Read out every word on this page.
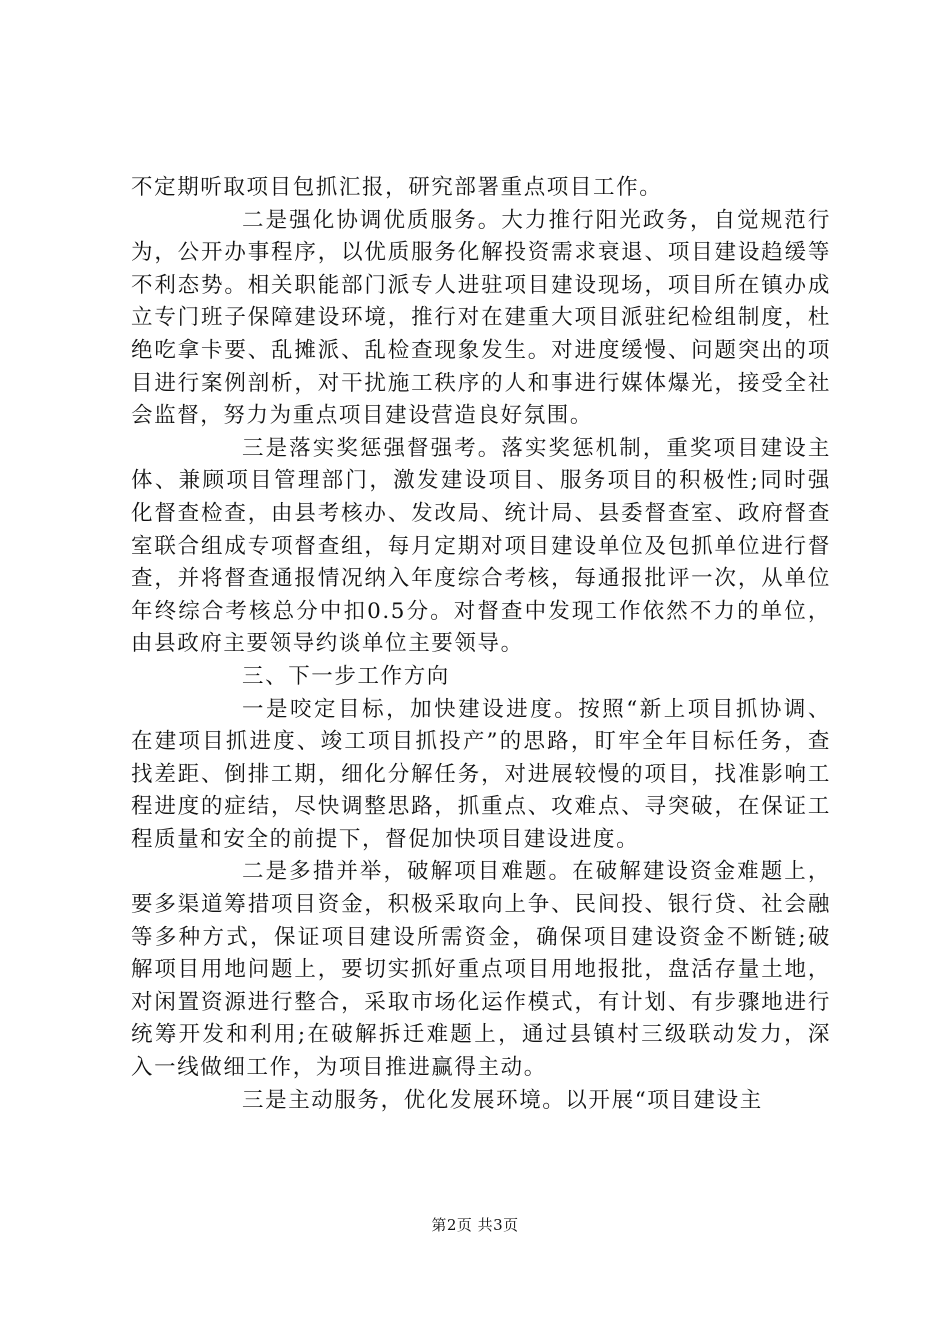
不定期听取项目包抓汇报，研究部署重点项目工作。

二是强化协调优质服务。大力推行阳光政务，自觉规范行为，公开办事程序，以优质服务化解投资需求衰退、项目建设趋缓等不利态势。相关职能部门派专人进驻项目建设现场，项目所在镇办成立专门班子保障建设环境，推行对在建重大项目派驻纪检组制度，杜绝吃拿卡要、乱摊派、乱检查现象发生。对进度缓慢、问题突出的项目进行案例剖析，对干扰施工秩序的人和事进行媒体爆光，接受全社会监督，努力为重点项目建设营造良好氛围。

三是落实奖惩强督强考。落实奖惩机制，重奖项目建设主体、兼顾项目管理部门，激发建设项目、服务项目的积极性;同时强化督查检查，由县考核办、发改局、统计局、县委督查室、政府督查室联合组成专项督查组，每月定期对项目建设单位及包抓单位进行督查，并将督查通报情况纳入年度综合考核，每通报批评一次，从单位年终综合考核总分中扣0.5分。对督查中发现工作依然不力的单位，由县政府主要领导约谈单位主要领导。

三、下一步工作方向

一是咬定目标，加快建设进度。按照“新上项目抓协调、在建项目抓进度、竣工项目抓投产”的思路，盯牢全年目标任务，查找差距、倒排工期，细化分解任务，对进展较慢的项目，找准影响工程进度的症结，尽快调整思路，抓重点、攻难点、寻突破，在保证工程质量和安全的前提下，督促加快项目建设进度。

二是多措并举，破解项目难题。在破解建设资金难题上，要多渠道筹措项目资金，积极采取向上争、民间投、银行贷、社会融等多种方式，保证项目建设所需资金，确保项目建设资金不断链;破解项目用地问题上，要切实抓好重点项目用地报批，盘活存量土地，对闲置资源进行整合，采取市场化运作模式，有计划、有步骤地进行统筹开发和利用;在破解拆迁难题上，通过县镇村三级联动发力，深入一线做细工作，为项目推进赢得主动。

三是主动服务，优化发展环境。以开展“项目建设主

第2页 共3页
